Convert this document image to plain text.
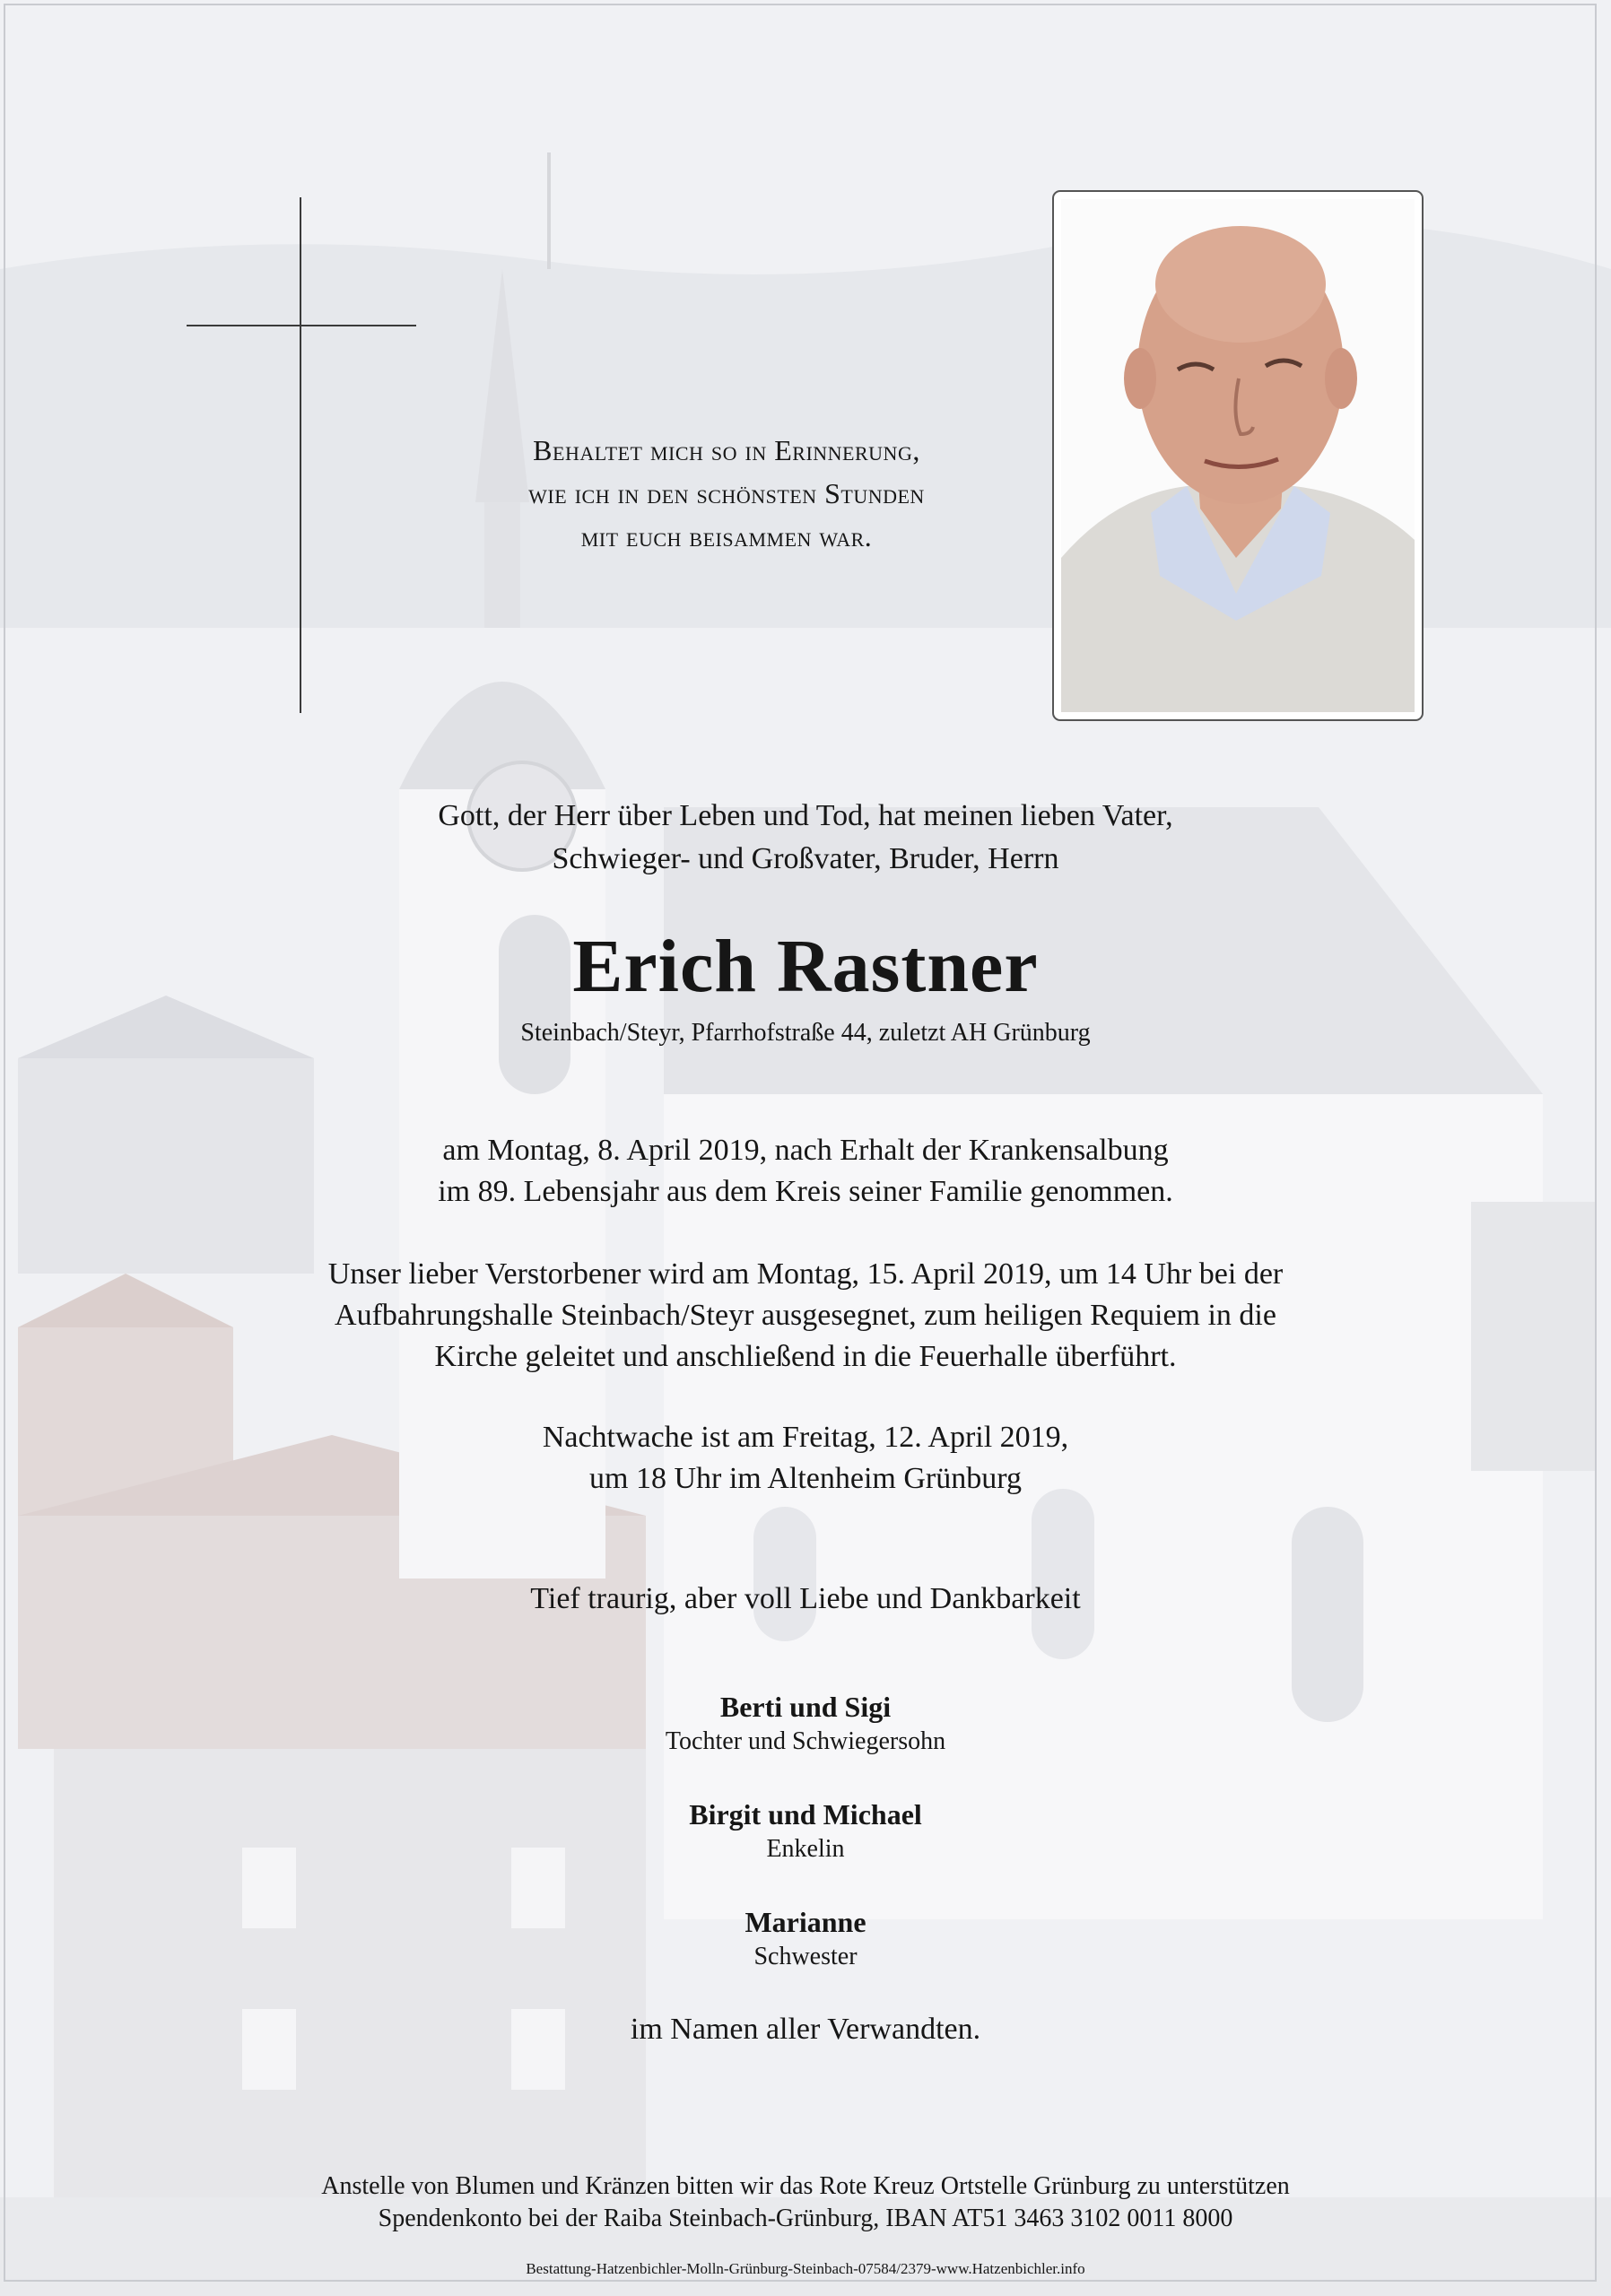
Behaltet mich so in Erinnerung,
wie ich in den schönsten Stunden
mit euch beisammen war.
Gott, der Herr über Leben und Tod, hat meinen lieben Vater,
Schwieger- und Großvater, Bruder, Herrn
Erich Rastner
Steinbach/Steyr, Pfarrhofstraße 44, zuletzt AH Grünburg
am Montag, 8. April 2019, nach Erhalt der Krankensalbung
im 89. Lebensjahr aus dem Kreis seiner Familie genommen.
Unser lieber Verstorbener wird am Montag, 15. April 2019, um 14 Uhr bei der
Aufbahrungshalle Steinbach/Steyr ausgesegnet, zum heiligen Requiem in die
Kirche geleitet und anschließend in die Feuerhalle überführt.
Nachtwache ist am Freitag, 12. April 2019,
um 18 Uhr im Altenheim Grünburg
Tief traurig, aber voll Liebe und Dankbarkeit
Berti und Sigi
Tochter und Schwiegersohn
Birgit und Michael
Enkelin
Marianne
Schwester
im Namen aller Verwandten.
Anstelle von Blumen und Kränzen bitten wir das Rote Kreuz Ortstelle Grünburg zu unterstützen
Spendenkonto bei der Raiba Steinbach-Grünburg, IBAN AT51 3463 3102 0011 8000
Bestattung-Hatzenbichler-Molln-Grünburg-Steinbach-07584/2379-www.Hatzenbichler.info
